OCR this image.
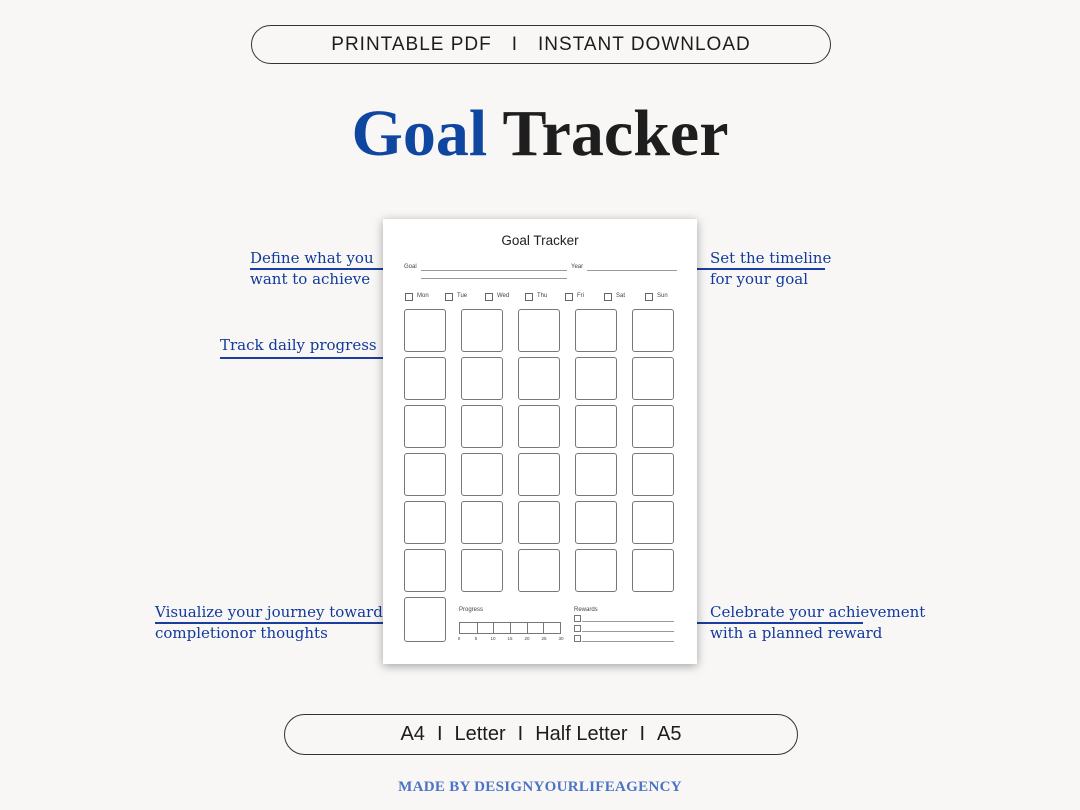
PRINTABLE PDF I INSTANT DOWNLOAD
Goal Tracker
Define what you
want to achieve
Set the timeline
for your goal
Track daily progress
Visualize your journey toward
completionor thoughts
Celebrate your achievement
with a planned reward
Goal Tracker
Goal	Year
Mon	Tue	Wed	Thu	Fri	Sat	Sun
Progress
0	5	10	15	20	25	30
Rewards
A4 I Letter I Half Letter I A5
MADE BY DESIGNYOURLIFEAGENCY
